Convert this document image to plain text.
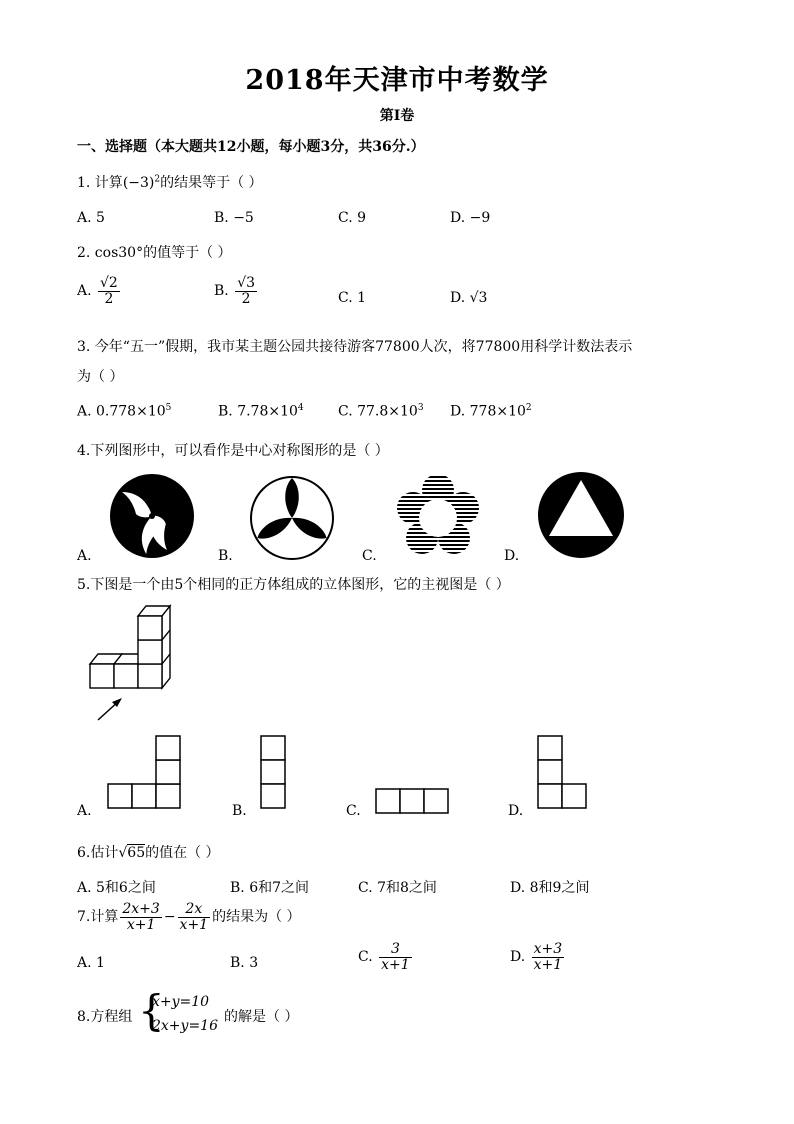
2018年天津市中考数学
第Ⅰ卷
一、选择题（本大题共12小题，每小题3分，共36分.）
1. 计算$(-3)^2$的结果等于（ ）
A. 5	B. −5	C. 9	D. −9
2. cos30°的值等于（ ）
A. $\frac{√2}{2}$	B. $\frac{√3}{2}$	C. 1	D. √3
3. 今年“五一”假期，我市某主题公园共接待游客77800人次，将77800用科学计数法表示
为（ ）
A. $0.778\times 10^5$	B. $7.78\times 10^4$ C. $77.8\times 10^3$ D. $778\times 10^2$
4.下列图形中，可以看作是中心对称图形的是（ ）
A.	B.	C.	D.
5.下图是一个由5个相同的正方体组成的立体图形，它的主视图是（ ）
A.	B.	C.	D.
6.估计√65的值在（ ）
A. 5和6之间	B. 6和7之间	C. 7和8之间	D. 8和9之间
7.计算 $\frac{2x+3}{x+1} - \frac{2x}{x+1}$ 的结果为（ ）
A. 1	B. 3	C. $\frac{3}{x+1}$	D. $\frac{x+3}{x+1}$
8.方程组 {
x+y=10
2x+y=16
的解是（ ）
